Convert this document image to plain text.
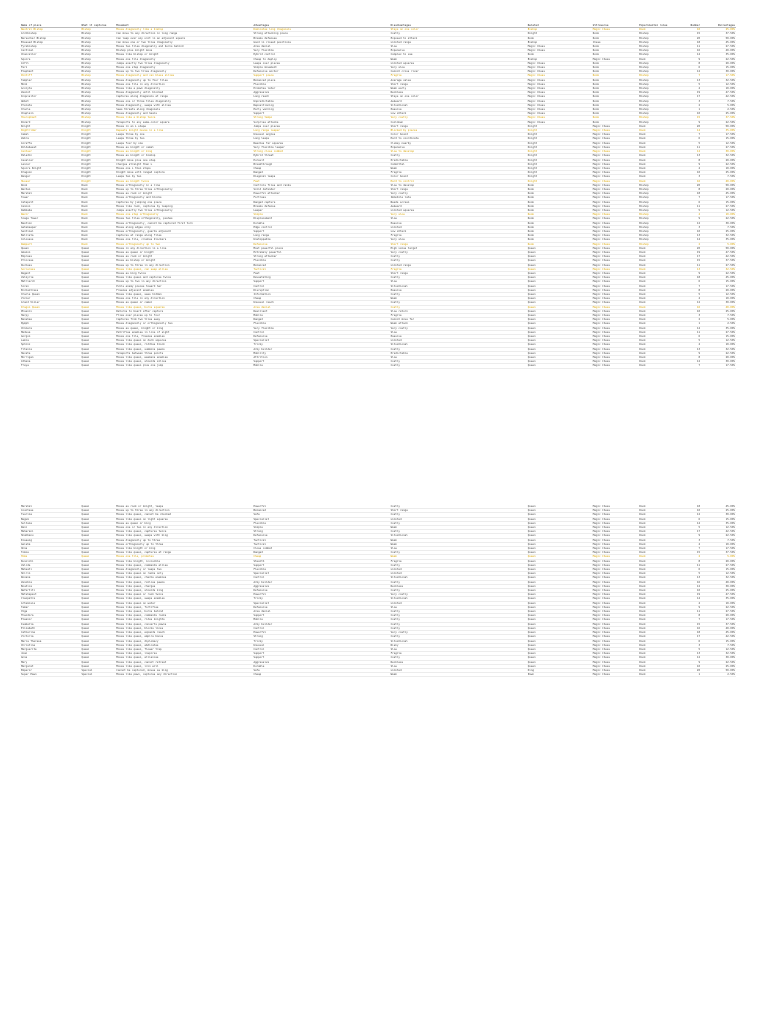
Name of piece	What it captures	Movement	Advantages	Disadvantages	Related	Ultraverse	Experimental rules	Number	Percentages
Neutral Bishop	Bishop	Moves diagonally like a bishop	Dominates long diagonals	Stays on one color	Bishop	Magic Chess	Rook	10	25.00%
Archbishop	Bishop	Can move to any direction in long range	Strong attacking piece	Costly	Knight	Rook	Bishop	15	37.50%
Berserker Bishop	Bishop	Can leap over any unit in an adjacent square	Breaks defenses	Exposed to attack	Rook	Rook	Bishop	20	50.00%
Blessed Bishop	Bishop	Can move one or two tiles diagonally	Good in closed positions	Limited range	Bishop	Chess	Bishop	18	45.00%
Fyrebishop	Bishop	Moves two tiles diagonally and burns behind	Area denial	Slow	Magic Chess	Rook	Bishop	11	27.50%
Cardinal	Bishop	Bishop plus knight move	Very flexible	Expensive	Magic Chess	Rook	Bishop	16	40.00%
Chancellor	Bishop	Moves like bishop or knight	Hybrid control	Complex to use	Rook	Rook	Bishop	14	35.00%
Squire	Bishop	Moves one tile diagonally	Cheap to deploy	Weak	Bishop	Magic Chess	Rook	9	22.50%
Alfil	Bishop	Jumps exactly two tiles diagonally	Leaps over pieces	Limited squares	Magic Chess	Rook	Bishop	8	20.00%
Ferz	Bishop	Moves one step diagonally	Simple movement	Very slow	Magic Chess	Rook	Bishop	6	15.00%
Elephant	Bishop	Moves up to two tiles diagonally	Defensive anchor	Cannot cross river	Magic Chess	Rook	Bishop	12	30.00%
Pontiff	Bishop	Moves diagonally and can bless allies	Support piece	Fragile	Magic Chess	Rook	Bishop	7	17.50%
Templar	Bishop	Moves diagonally up to four tiles	Balanced piece	Average value	Magic Chess	Rook	Bishop	13	32.50%
Monk	Bishop	Moves one tile in any direction	Flexible	Short range	Magic Chess	Rook	Bishop	5	12.50%
Acolyte	Bishop	Moves like a pawn diagonally	Promotes later	Weak early	Magic Chess	Rook	Bishop	4	10.00%
Zealot	Bishop	Moves diagonally until blocked	Aggressive	Reckless	Magic Chess	Rook	Bishop	19	47.50%
Inquisitor	Bishop	Captures along diagonals at range	Long reach	Stays on one color	Magic Chess	Rook	Bishop	17	42.50%
Abbot	Bishop	Moves one or three tiles diagonally	Unpredictable	Awkward	Magic Chess	Rook	Bishop	3	7.50%
Prelate	Bishop	Moves diagonally, swaps with allies	Repositioning	Situational	Magic Chess	Rook	Bishop	2	5.00%
Oracle	Bishop	Sees threats along diagonals	Early warning	Passive	Magic Chess	Rook	Bishop	1	2.50%
Chaplain	Bishop	Moves diagonally and heals	Support	Low attack	Magic Chess	Rook	Bishop	10	25.00%
Hierophant	Bishop	Moves like a bishop twice	Strong tempo	Very costly	Magic Chess	Rook	Bishop	15	37.50%
Wizard	Bishop	Teleports to any same-color square	Surprise attacks	Cooldown	Magic Chess	Rook	Bishop	9	22.50%
Knight	Knight	Moves in an L shape	Jumps over pieces	Short range	Knight	Magic Chess	Rook	20	50.00%
Nightrider	Knight	Repeats knight moves in a line	Long range leaper	Blocked by pieces	Knight	Magic Chess	Rook	14	35.00%
Camel	Knight	Leaps three by one	Unusual angles	Color bound	Knight	Magic Chess	Rook	7	17.50%
Zebra	Knight	Leaps three by two	Long leaps	Hard to coordinate	Knight	Magic Chess	Rook	6	15.00%
Giraffe	Knight	Leaps four by one	Reaches far squares	Clumsy nearby	Knight	Magic Chess	Rook	5	12.50%
Wildebeest	Knight	Moves as knight or camel	Very flexible leaper	Expensive	Knight	Magic Chess	Rook	11	27.50%
Centaur	Knight	Moves as knight or king	Strong close combat	Slow to develop	Knight	Magic Chess	Rook	12	30.00%
Paladin	Knight	Moves as knight or bishop	Hybrid threat	Costly	Knight	Magic Chess	Rook	13	32.50%
Cavalier	Knight	Knight move plus one step	Pursuit	Predictable	Knight	Magic Chess	Rook	8	20.00%
Lancer	Knight	Charges straight then L	Breakthrough	Committal	Knight	Magic Chess	Rook	9	22.50%
Squire Knight	Knight	Moves one L then stops	Cheap	Weak	Knight	Magic Chess	Rook	4	10.00%
Dragoon	Knight	Knight move with ranged capture	Ranged	Fragile	Knight	Magic Chess	Rook	10	25.00%
Ranger	Knight	Leaps two by two	Diagonal leaps	Color bound	Knight	Magic Chess	Rook	3	7.50%
Hussar	Knight	Moves as knight twice	Fast	Hard to control	Knight	Magic Chess	Rook	16	40.00%
Rook	Rook	Moves orthogonally in a line	Controls files and ranks	Slow to develop	Rook	Magic Chess	Bishop	20	50.00%
Warden	Rook	Moves up to three tiles orthogonally	Solid defender	Short range	Rook	Magic Chess	Bishop	8	20.00%
Marshal	Rook	Moves as rook or knight	Powerful attacker	Very costly	Rook	Magic Chess	Bishop	18	45.00%
Tower	Rook	Moves orthogonally and blocks	Fortress	Immobile late	Rook	Magic Chess	Bishop	7	17.50%
Catapult	Rook	Captures by jumping one piece	Ranged capture	Needs screen	Rook	Magic Chess	Bishop	6	15.00%
Cannon	Rook	Moves like rook, captures by leaping	Breaks defense	Awkward	Rook	Magic Chess	Bishop	11	27.50%
Dabbaba	Rook	Jumps exactly two tiles orthogonally	Leaper	Limited squares	Rook	Magic Chess	Bishop	5	12.50%
Wazir	Rook	Moves one step orthogonally	Simple	Very slow	Rook	Magic Chess	Bishop	4	10.00%
Siege Tower	Rook	Moves two tiles orthogonally, pushes	Displacement	Slow	Rook	Magic Chess	Bishop	9	22.50%
Bastion	Rook	Moves orthogonally, cannot be captured first turn	Durable	Passive	Rook	Magic Chess	Bishop	12	30.00%
Gatekeeper	Rook	Moves along edges only	Edge control	Limited	Rook	Magic Chess	Bishop	3	7.50%
Sentinel	Rook	Moves orthogonally, guards adjacent	Support	Low attack	Rook	Magic Chess	Bishop	10	25.00%
Ballista	Rook	Captures at range along files	Long range	Fragile	Rook	Magic Chess	Bishop	13	32.50%
Colossus	Rook	Moves one tile, crushes blockers	Unstoppable	Very slow	Rook	Magic Chess	Bishop	14	35.00%
Rampart	Rook	Moves orthogonally up to two	Defensive	Short range	Rook	Magic Chess	Bishop	2	5.00%
Queen	Queen	Moves in any direction in a line	Most powerful piece	High value target	Queen	Magic Chess	Rook	20	50.00%
Amazon	Queen	Moves as queen or knight	Extremely powerful	Very costly	Queen	Magic Chess	Rook	19	47.50%
Empress	Queen	Moves as rook or knight	Strong attacker	Costly	Queen	Magic Chess	Rook	17	42.50%
Princess	Queen	Moves as bishop or knight	Flexible	Costly	Queen	Magic Chess	Rook	15	37.50%
Duchess	Queen	Moves up to three in any direction	Balanced	Limited range	Queen	Magic Chess	Rook	11	27.50%
Sorceress	Queen	Moves like queen, can swap allies	Tactical	Fragile	Queen	Magic Chess	Rook	13	32.50%
Regent	Queen	Moves as king twice	Fast	Short range	Queen	Magic Chess	Rook	9	22.50%
Valkyrie	Queen	Moves like queen and captures twice	Devastating	Costly	Queen	Magic Chess	Rook	18	45.00%
Matriarch	Queen	Moves up to two in any direction	Support	Slow	Queen	Magic Chess	Rook	6	15.00%
Siren	Queen	Pulls enemy pieces toward her	Control	Situational	Queen	Magic Chess	Rook	7	17.50%
Enchantress	Queen	Freezes adjacent enemies	Disruption	Passive	Queen	Magic Chess	Rook	8	20.00%
Oracle Queen	Queen	Moves like queen, sees hidden	Information	Costly	Queen	Magic Chess	Rook	5	12.50%
Vizier	Queen	Moves one tile in any direction	Cheap	Weak	Queen	Magic Chess	Rook	4	10.00%
Grand Vizier	Queen	Moves as queen or camel	Unusual reach	Costly	Queen	Magic Chess	Rook	12	30.00%
Dragon Queen	Queen	Moves like queen, burns squares	Area denial	Costly	Queen	Magic Chess	Rook	16	40.00%
Phoenix	Queen	Returns to board after capture	Resilient	Slow return	Queen	Magic Chess	Rook	10	25.00%
Harpy	Queen	Flies over pieces up to four	Mobile	Fragile	Queen	Magic Chess	Rook	3	7.50%
Banshee	Queen	Captures from two tiles away	Ranged	Cannot move far	Queen	Magic Chess	Rook	2	5.00%
Nymph	Queen	Moves diagonally or orthogonally two	Flexible	Weak attack	Queen	Magic Chess	Rook	1	2.50%
Chimera	Queen	Moves as queen, knight or king	Very flexible	Very costly	Queen	Magic Chess	Rook	14	35.00%
Medusa	Queen	Petrifies enemies in line of sight	Control	Slow	Queen	Magic Chess	Rook	11	27.50%
Gorgon	Queen	Moves one tile, freezes enemies	Defensive	Passive	Queen	Magic Chess	Rook	6	15.00%
Lamia	Queen	Moves like queen on dark squares	Specialist	Limited	Queen	Magic Chess	Rook	5	12.50%
Sphinx	Queen	Moves like queen, riddles block	Tricky	Situational	Queen	Magic Chess	Rook	4	10.00%
Titania	Queen	Moves like queen, summons pawns	Army builder	Costly	Queen	Magic Chess	Rook	13	32.50%
Hecate	Queen	Teleports between three points	Mobility	Predictable	Queen	Magic Chess	Rook	9	22.50%
Morrigan	Queen	Moves like queen, weakens enemies	Attrition	Slow	Queen	Magic Chess	Rook	8	20.00%
Athena	Queen	Moves like queen, shields allies	Support	Costly	Queen	Magic Chess	Rook	12	30.00%
Freya	Queen	Moves like queen plus one jump	Mobile	Costly	Queen	Magic Chess	Rook	7	17.50%
Marshal	Queen	Moves as rook or knight, leaps	Powerful	Costly	Queen	Magic Chess	Rook	18	45.00%
Countess	Queen	Moves up to three in any direction	Balanced	Short range	Queen	Magic Chess	Rook	10	25.00%
Tsarina	Queen	Moves like queen, cannot be checked	Safe	Costly	Queen	Magic Chess	Rook	12	30.00%
Begum	Queen	Moves like queen on light squares	Specialist	Limited	Queen	Magic Chess	Rook	6	15.00%
Sultana	Queen	Moves as queen or king	Flexible	Costly	Queen	Magic Chess	Rook	14	35.00%
Rani	Queen	Moves one or two in any direction	Simple	Weak	Queen	Magic Chess	Rook	5	12.50%
Maharani	Queen	Moves like queen, captures twice	Strong	Costly	Queen	Magic Chess	Rook	17	42.50%
Shahbanu	Queen	Moves like queen, swaps with king	Defensive	Situational	Queen	Magic Chess	Rook	9	22.50%
Kisaeng	Queen	Moves diagonally up to three	Tactical	Weak	Queen	Magic Chess	Rook	3	7.50%
Geisha	Queen	Moves orthogonally up to three	Tactical	Weak	Queen	Magic Chess	Rook	4	10.00%
Onna	Queen	Moves like knight or king	Close combat	Slow	Queen	Magic Chess	Rook	7	17.50%
Tomoe	Queen	Moves like queen, captures at range	Ranged	Costly	Queen	Magic Chess	Rook	15	37.50%
Hime	Queen	Moves one tile, promotes	Cheap	Weak	Queen	Magic Chess	Rook	2	5.00%
Kunoichi	Queen	Moves like knight, invisible	Stealth	Fragile	Queen	Magic Chess	Rook	8	20.00%
Valide	Queen	Moves like queen, commands allies	Support	Costly	Queen	Magic Chess	Rook	11	27.50%
Mahsati	Queen	Moves diagonally or leaps two	Flexible	Limited	Queen	Magic Chess	Rook	6	15.00%
Shirin	Queen	Moves like queen on ranks only	Specialist	Limited	Queen	Magic Chess	Rook	5	12.50%
Roxana	Queen	Moves like queen, charms enemies	Control	Situational	Queen	Magic Chess	Rook	13	32.50%
Zenobia	Queen	Moves like queen, rallies pawns	Army builder	Costly	Queen	Magic Chess	Rook	16	40.00%
Boudica	Queen	Moves like queen, charges	Aggressive	Reckless	Queen	Magic Chess	Rook	12	30.00%
Nefertiti	Queen	Moves like queen, shields king	Defensive	Costly	Queen	Magic Chess	Rook	10	25.00%
Hatshepsut	Queen	Moves like queen or rook twice	Powerful	Very costly	Queen	Magic Chess	Rook	19	47.50%
Cleopatra	Queen	Moves like queen, swaps enemies	Tricky	Situational	Queen	Magic Chess	Rook	14	35.00%
Artemisia	Queen	Moves like queen on water	Specialist	Limited	Queen	Magic Chess	Rook	4	10.00%
Tamar	Queen	Moves like queen, fortifies	Defensive	Slow	Queen	Magic Chess	Rook	9	22.50%
Olga	Queen	Moves like queen, burns behind	Area denial	Costly	Queen	Magic Chess	Rook	11	27.50%
Theodora	Queen	Moves like queen, commands rooks	Support	Costly	Queen	Magic Chess	Rook	8	20.00%
Eleanor	Queen	Moves like queen, rides knights	Mobile	Costly	Queen	Magic Chess	Rook	7	17.50%
Isabella	Queen	Moves like queen, converts pawns	Army builder	Costly	Queen	Magic Chess	Rook	15	37.50%
Elizabeth	Queen	Moves like queen, blocks lines	Control	Costly	Queen	Magic Chess	Rook	16	40.00%
Catherine	Queen	Moves like queen, expands reach	Powerful	Very costly	Queen	Magic Chess	Rook	18	45.00%
Victoria	Queen	Moves like queen, empire bonus	Strong	Costly	Queen	Magic Chess	Rook	17	42.50%
Maria Theresa	Queen	Moves like queen, diplomacy	Tricky	Situational	Queen	Magic Chess	Rook	6	15.00%
Christina	Queen	Moves like queen, abdicates	Unusual	Risky	Queen	Magic Chess	Rook	3	7.50%
Marguerite	Queen	Moves like queen, flower trap	Control	Slow	Queen	Magic Chess	Rook	5	12.50%
Joan	Queen	Moves like queen, inspires	Support	Fragile	Queen	Magic Chess	Rook	13	32.50%
Anne	Queen	Moves like queen, alliances	Support	Costly	Queen	Magic Chess	Rook	12	30.00%
Mary	Queen	Moves like queen, cannot retreat	Aggressive	Reckless	Queen	Magic Chess	Rook	9	22.50%
Margaret	Queen	Moves like queen, iron will	Durable	Slow	Queen	Magic Chess	Rook	10	25.00%
Emperor	Special	Cannot be captured, moves as king	Safe	Limited	King	Magic Chess	Rook	20	50.00%
Super Pawn	Special	Moves like pawn, captures any direction	Cheap	Weak	Pawn	Magic Chess	Rook	1	2.50%
